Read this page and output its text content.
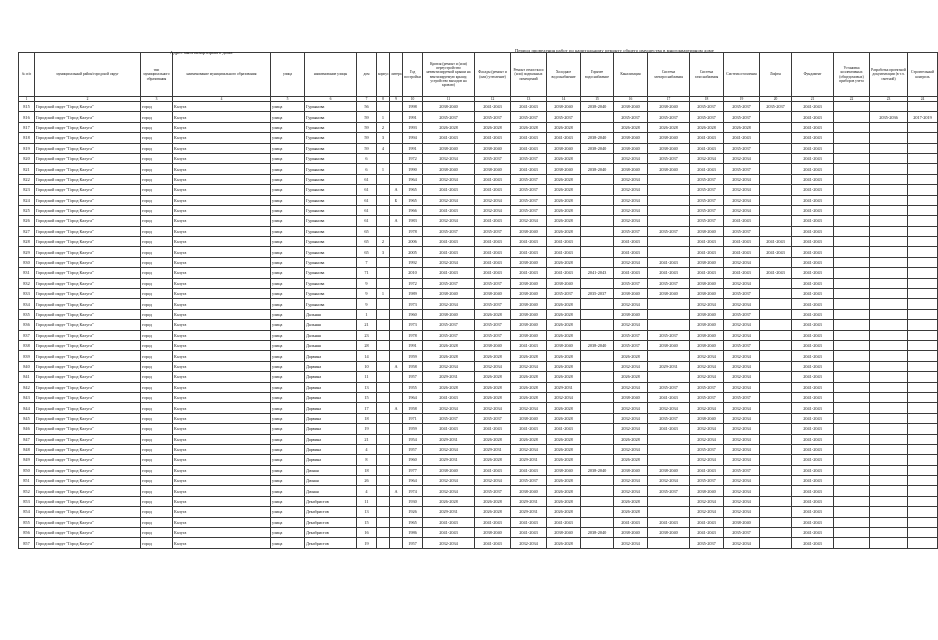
Адрес многоквартирного дома	Период проведения работ по капитальному ремонту общего имущества в многоквартирном доме
№ п/п	муниципальный район/городской округ	тип муниципального образования	наименование муниципального образования	улица	наименование улицы	дом	корпус	литера	Год постройки	Кровля (ремонт и (или) переустройство невентилируемой крыши на вентилируемую крышу, устройство выходов на кровлю)	Фасады (ремонт и (или) утепление)	Ремонт отмостки и (или) подвальных помещений	Холодное водоснабжение	Горячее водоснабжение	Канализация	Система электроснабжения	Система газоснабжения	Система отопления	Лифты	Фундамент	Установка коллективных (общедомовых) приборов учета	Разработка проектной документации (в т.ч. сметной)	Строительный контроль
1	2	3	4	5	6	7	8	9	10	11	12	13	14	15	16	17	18	19	20	21	22	23	24
815	Городской округ "Город Калуга"	город	Калуга	улица	Гурьянова	56			1998	2038-2040	2041-2043	2041-2043	2038-2040	2038-2040	2038-2040	2038-2040	2035-2037	2035-2037	2035-2037	2041-2043			
816	Городской округ "Город Калуга"	город	Калуга	улица	Гурьянова	59	1		1991	2035-2037	2035-2037	2035-2037	2035-2037		2035-2037	2035-2037	2035-2037	2035-2037		2041-2043		2035-2036	2017-2019
817	Городской округ "Город Калуга"	город	Калуга	улица	Гурьянова	59	2		1993	2026-2028	2026-2028	2026-2028	2026-2028		2026-2028	2026-2028	2026-2028	2026-2028		2041-2043			
818	Городской округ "Город Калуга"	город	Калуга	улица	Гурьянова	59	3		1994	2041-2043	2041-2043	2041-2043	2041-2043	2038-2040	2038-2040	2038-2040	2041-2043	2041-2043		2041-2043			
819	Городской округ "Город Калуга"	город	Калуга	улица	Гурьянова	59	4		1991	2038-2040	2038-2040	2041-2043	2038-2040	2038-2040	2038-2040	2038-2040	2041-2043	2035-2037		2041-2043			
820	Городской округ "Город Калуга"	город	Калуга	улица	Гурьянова	6			1972	2032-2034	2035-2037	2035-2037	2026-2028		2032-2034	2035-2037	2032-2034	2032-2034		2041-2043			
821	Городской округ "Город Калуга"	город	Калуга	улица	Гурьянова	6	1		1990	2038-2040	2038-2040	2041-2043	2038-2040	2038-2040	2038-2040	2038-2040	2041-2043	2035-2037		2041-2043			
822	Городской округ "Город Калуга"	город	Калуга	улица	Гурьянова	61			1964	2032-2034	2041-2043	2035-2037	2026-2028		2032-2034		2035-2037	2032-2034		2041-2043			
823	Городской округ "Город Калуга"	город	Калуга	улица	Гурьянова	61		А	1965	2041-2043	2041-2043	2035-2037	2026-2028		2032-2034		2035-2037	2032-2034		2041-2043			
824	Городской округ "Город Калуга"	город	Калуга	улица	Гурьянова	61		Б	1965	2032-2034	2032-2034	2035-2037	2026-2028		2032-2034		2035-2037	2032-2034		2041-2043			
825	Городской округ "Город Калуга"	город	Калуга	улица	Гурьянова	61			1966	2041-2043	2032-2034	2035-2037	2026-2028		2032-2034		2035-2037	2032-2034		2041-2043			
826	Городской округ "Город Калуга"	город	Калуга	улица	Гурьянова	61		А	1983	2032-2034	2041-2043	2032-2034	2026-2028		2032-2034		2035-2037	2041-2043		2041-2043			
827	Городской округ "Город Калуга"	город	Калуга	улица	Гурьянова	65			1978	2035-2037	2035-2037	2038-2040	2026-2028		2035-2037	2035-2037	2038-2040	2035-2037		2041-2043			
828	Городской округ "Город Калуга"	город	Калуга	улица	Гурьянова	65	2		2006	2041-2043	2041-2043	2041-2043	2041-2043		2041-2043		2041-2043	2041-2043	2041-2043	2041-2043			
829	Городской округ "Город Калуга"	город	Калуга	улица	Гурьянова	65	3		2005	2041-2043	2041-2043	2041-2043	2041-2043		2041-2043		2041-2043	2041-2043	2041-2043	2041-2043			
830	Городской округ "Город Калуга"	город	Калуга	улица	Гурьянова	7			1992	2032-2034	2041-2043	2038-2040	2026-2028		2032-2034	2041-2043	2038-2040	2032-2034		2041-2043			
831	Городской округ "Город Калуга"	город	Калуга	улица	Гурьянова	71			2010	2041-2043	2041-2043	2041-2043	2041-2043	2041-2043	2041-2043	2041-2043	2041-2043	2041-2043	2041-2043	2041-2043			
832	Городской округ "Город Калуга"	город	Калуга	улица	Гурьянова	9			1972	2035-2037	2035-2037	2038-2040	2038-2040		2035-2037	2035-2037	2038-2040	2032-2034		2041-2043			
833	Городской округ "Город Калуга"	город	Калуга	улица	Гурьянова	9	1		1989	2038-2040	2038-2040	2038-2040	2035-2037	2035-2037	2038-2040	2038-2040	2038-2040	2035-2037		2041-2043			
834	Городской округ "Город Калуга"	город	Калуга	улица	Гурьянова	9			1973	2032-2034	2035-2037	2038-2040	2026-2028		2032-2034		2032-2034	2032-2034		2041-2043			
835	Городской округ "Город Калуга"	город	Калуга	улица	Дальняя	1			1960	2038-2040	2026-2028	2038-2040	2026-2028		2038-2040		2038-2040	2035-2037		2041-2043			
836	Городской округ "Город Калуга"	город	Калуга	улица	Дальняя	21			1973	2035-2037	2035-2037	2038-2040	2026-2028		2032-2034		2038-2040	2032-2034		2041-2043			
837	Городской округ "Город Калуга"	город	Калуга	улица	Дальняя	23			1978	2035-2037	2035-2037	2038-2040	2026-2028		2035-2037	2035-2037	2038-2040	2032-2034		2041-2043			
838	Городской округ "Город Калуга"	город	Калуга	улица	Дальняя	28			1991	2026-2028	2038-2040	2041-2043	2038-2040	2038-2040	2035-2037	2038-2040	2038-2040	2035-2037		2041-2043			
839	Городской округ "Город Калуга"	город	Калуга	улица	Дарвина	14			1959	2026-2028	2026-2028	2026-2028	2026-2028		2026-2028		2032-2034	2032-2034		2041-2043			
840	Городской округ "Город Калуга"	город	Калуга	улица	Дарвина	10		А	1958	2032-2034	2032-2034	2032-2034	2026-2028		2032-2034	2029-2031	2032-2034	2032-2034		2041-2043			
841	Городской округ "Город Калуга"	город	Калуга	улица	Дарвина	11			1957	2029-2031	2026-2028	2026-2028	2026-2028		2026-2028		2032-2034	2032-2034		2041-2043			
842	Городской округ "Город Калуга"	город	Калуга	улица	Дарвина	13			1955	2026-2028	2026-2028	2026-2028	2029-2031		2032-2034	2035-2037	2035-2037	2032-2034		2041-2043			
843	Городской округ "Город Калуга"	город	Калуга	улица	Дарвина	15			1964	2041-2043	2026-2028	2026-2028	2032-2034		2038-2040	2041-2043	2035-2037	2035-2037		2041-2043			
844	Городской округ "Город Калуга"	город	Калуга	улица	Дарвина	17		А	1958	2032-2034	2032-2034	2032-2034	2026-2028		2032-2034	2032-2034	2032-2034	2032-2034		2041-2043			
845	Городской округ "Город Калуга"	город	Калуга	улица	Дарвина	18			1971	2035-2037	2035-2037	2038-2040	2026-2028		2032-2034	2035-2037	2038-2040	2032-2034		2041-2043			
846	Городской округ "Город Калуга"	город	Калуга	улица	Дарвина	19			1959	2041-2043	2041-2043	2041-2043	2041-2043		2032-2034	2041-2043	2032-2034	2032-2034		2041-2043			
847	Городской округ "Город Калуга"	город	Калуга	улица	Дарвина	21			1954	2029-2031	2026-2028	2026-2028	2026-2028		2026-2028		2032-2034	2032-2034		2041-2043			
848	Городской округ "Город Калуга"	город	Калуга	улица	Дарвина	4			1957	2032-2034	2029-2031	2032-2034	2026-2028		2032-2034		2035-2037	2032-2034		2041-2043			
849	Городской округ "Город Калуга"	город	Калуга	улица	Дарвина	8			1960	2029-2031	2026-2028	2029-2031	2026-2028		2026-2028		2032-2034	2032-2034		2041-2043			
850	Городской округ "Город Калуга"	город	Калуга	улица	Дачная	18			1977	2038-2040	2041-2043	2041-2043	2038-2040	2038-2040	2038-2040	2038-2040	2041-2043	2035-2037		2041-2043			
851	Городской округ "Город Калуга"	город	Калуга	улица	Дачная	26			1964	2032-2034	2032-2034	2035-2037	2026-2028		2032-2034	2032-2034	2035-2037	2032-2034		2041-2043			
852	Городской округ "Город Калуга"	город	Калуга	улица	Дачная	4		А	1974	2032-2034	2035-2037	2038-2040	2026-2028		2032-2034	2035-2037	2038-2040	2032-2034		2041-2043			
853	Городской округ "Город Калуга"	город	Калуга	улица	Декабристов	11			1930	2026-2028	2026-2028	2029-2031	2026-2028		2026-2028		2032-2034	2032-2034		2041-2043			
854	Городской округ "Город Калуга"	город	Калуга	улица	Декабристов	13			1926	2029-2031	2026-2028	2029-2031	2026-2028		2026-2028		2032-2034	2032-2034		2041-2043			
855	Городской округ "Город Калуга"	город	Калуга	улица	Декабристов	15			1965	2041-2043	2041-2043	2041-2043	2041-2043		2041-2043	2041-2043	2041-2043	2038-2040		2041-2043			
856	Городской округ "Город Калуга"	город	Калуга	улица	Декабристов	16			1986	2041-2043	2038-2040	2041-2043	2038-2040	2038-2040	2038-2040	2038-2040	2041-2043	2035-2037		2041-2043			
857	Городской округ "Город Калуга"	город	Калуга	улица	Декабристов	19			1957	2032-2034	2041-2043	2032-2034	2026-2028		2032-2034		2035-2037	2032-2034		2041-2043			
